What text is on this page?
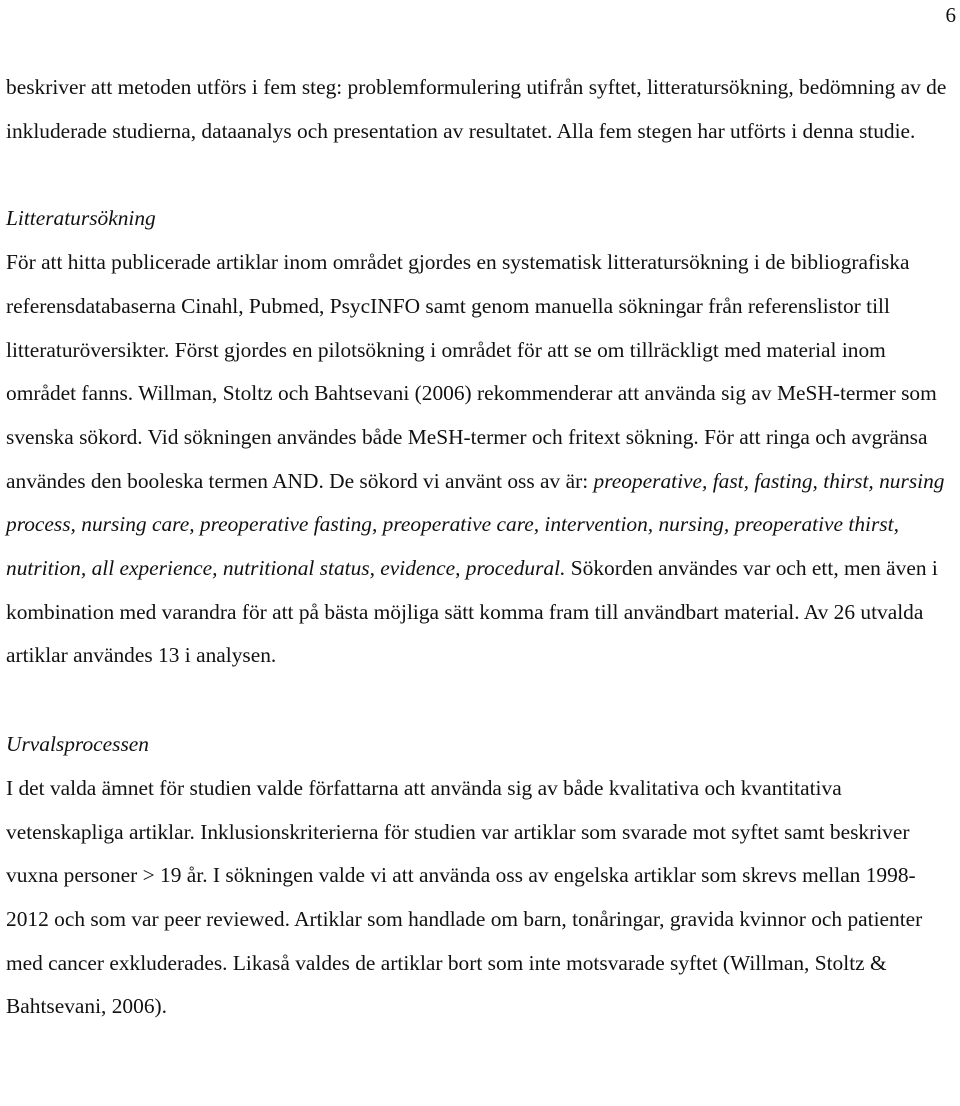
6

beskriver att metoden utförs i fem steg: problemformulering utifrån syftet, litteratursökning, bedömning av de inkluderade studierna, dataanalys och presentation av resultatet. Alla fem stegen har utförts i denna studie.

Litteratursökning

För att hitta publicerade artiklar inom området gjordes en systematisk litteratursökning i de bibliografiska referensdatabaserna Cinahl, Pubmed, PsycINFO samt genom manuella sökningar från referenslistor till litteraturöversikter. Först gjordes en pilotsökning i området för att se om tillräckligt med material inom området fanns. Willman, Stoltz och Bahtsevani (2006) rekommenderar att använda sig av MeSH-termer som svenska sökord. Vid sökningen användes både MeSH-termer och fritext sökning. För att ringa och avgränsa användes den booleska termen AND. De sökord vi använt oss av är: preoperative, fast, fasting, thirst, nursing process, nursing care, preoperative fasting, preoperative care, intervention, nursing, preoperative thirst, nutrition, all experience, nutritional status, evidence, procedural. Sökorden användes var och ett, men även i kombination med varandra för att på bästa möjliga sätt komma fram till användbart material. Av 26 utvalda artiklar användes 13 i analysen.

Urvalsprocessen

I det valda ämnet för studien valde författarna att använda sig av både kvalitativa och kvantitativa vetenskapliga artiklar. Inklusionskriterierna för studien var artiklar som svarade mot syftet samt beskriver vuxna personer > 19 år. I sökningen valde vi att använda oss av engelska artiklar som skrevs mellan 1998-2012 och som var peer reviewed. Artiklar som handlade om barn, tonåringar, gravida kvinnor och patienter med cancer exkluderades. Likaså valdes de artiklar bort som inte motsvarade syftet (Willman, Stoltz & Bahtsevani, 2006).
